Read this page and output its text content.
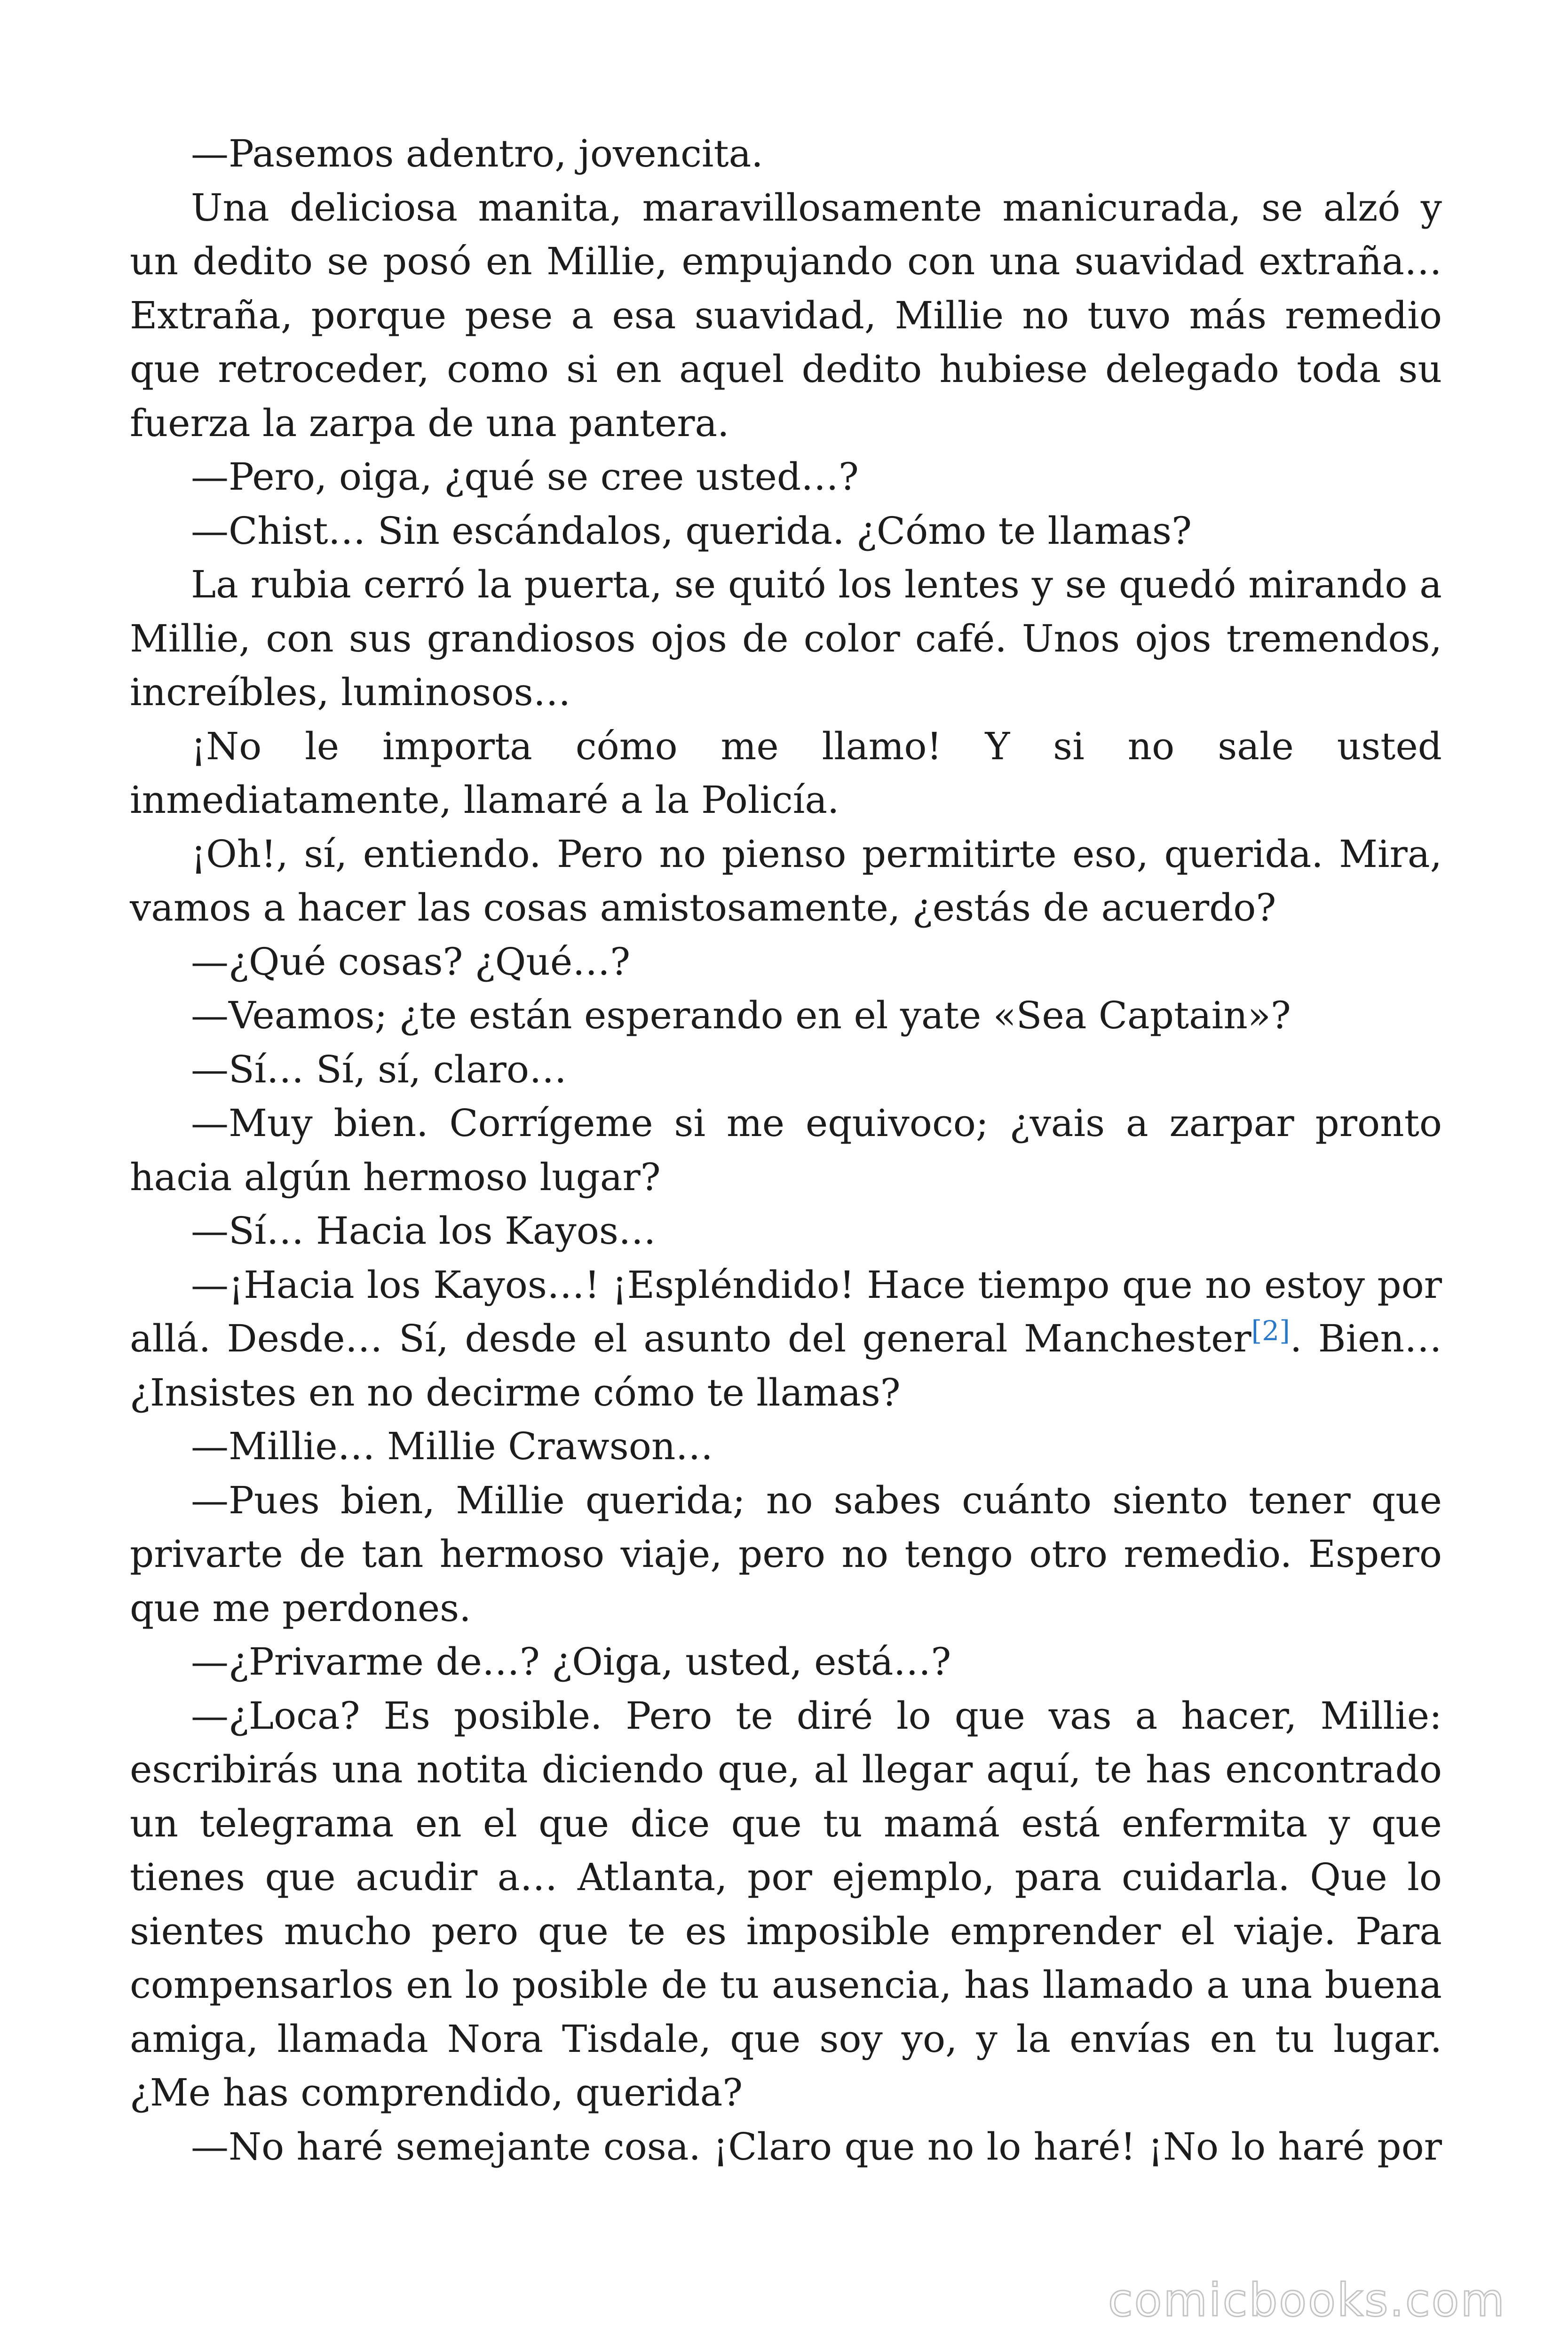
—Pasemos adentro, jovencita.

Una deliciosa manita, maravillosamente manicurada, se alzó y un dedito se posó en Millie, empujando con una suavidad extraña… Extraña, porque pese a esa suavidad, Millie no tuvo más remedio que retroceder, como si en aquel dedito hubiese delegado toda su fuerza la zarpa de una pantera.

—Pero, oiga, ¿qué se cree usted…?

—Chist… Sin escándalos, querida. ¿Cómo te llamas?

La rubia cerró la puerta, se quitó los lentes y se quedó mirando a Millie, con sus grandiosos ojos de color café. Unos ojos tremendos, increíbles, luminosos…

¡No le importa cómo me llamo! Y si no sale usted inmediatamente, llamaré a la Policía.

¡Oh!, sí, entiendo. Pero no pienso permitirte eso, querida. Mira, vamos a hacer las cosas amistosamente, ¿estás de acuerdo?

—¿Qué cosas? ¿Qué…?

—Veamos; ¿te están esperando en el yate «Sea Captain»?

—Sí… Sí, sí, claro…

—Muy bien. Corrígeme si me equivoco; ¿vais a zarpar pronto hacia algún hermoso lugar?

—Sí… Hacia los Kayos…

—¡Hacia los Kayos…! ¡Espléndido! Hace tiempo que no estoy por allá. Desde… Sí, desde el asunto del general Manchester[2]. Bien… ¿Insistes en no decirme cómo te llamas?

—Millie… Millie Crawson…

—Pues bien, Millie querida; no sabes cuánto siento tener que privarte de tan hermoso viaje, pero no tengo otro remedio. Espero que me perdones.

—¿Privarme de…? ¿Oiga, usted, está…?

—¿Loca? Es posible. Pero te diré lo que vas a hacer, Millie: escribirás una notita diciendo que, al llegar aquí, te has encontrado un telegrama en el que dice que tu mamá está enfermita y que tienes que acudir a… Atlanta, por ejemplo, para cuidarla. Que lo sientes mucho pero que te es imposible emprender el viaje. Para compensarlos en lo posible de tu ausencia, has llamado a una buena amiga, llamada Nora Tisdale, que soy yo, y la envías en tu lugar. ¿Me has comprendido, querida?

—No haré semejante cosa. ¡Claro que no lo haré! ¡No lo haré por

comicbooks.com
